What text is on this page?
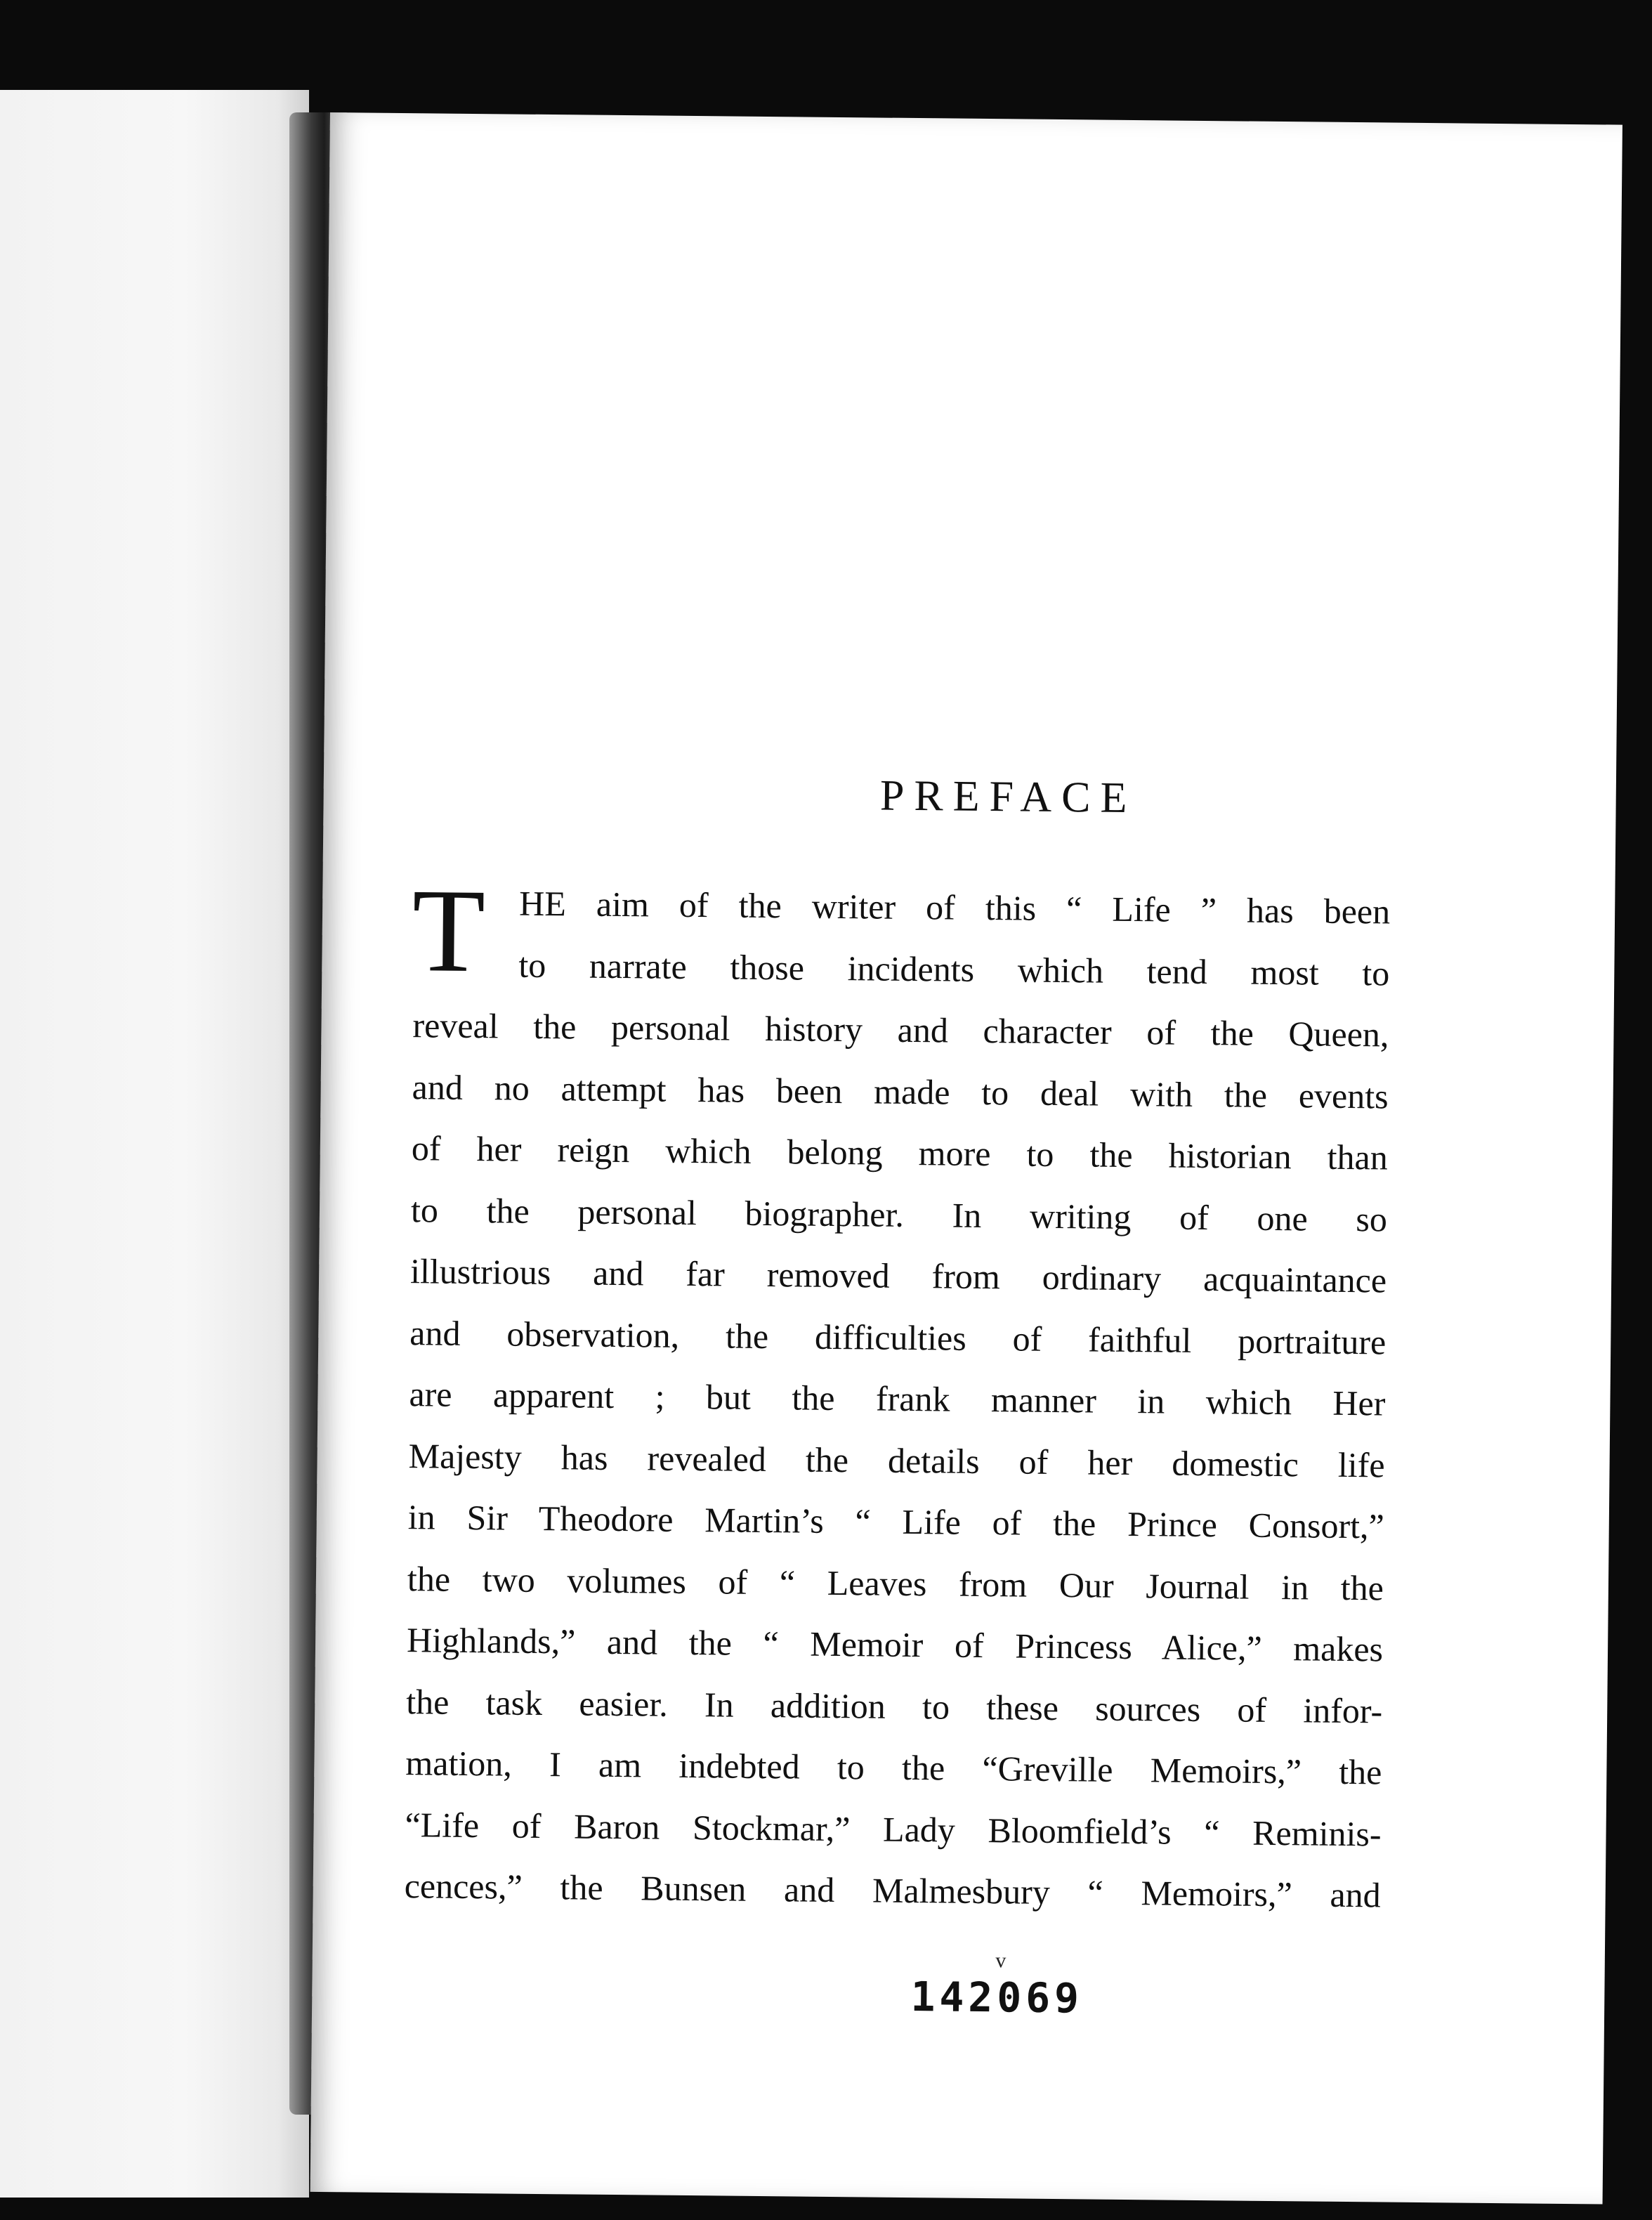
PREFACE
T HE aim of the writer of this “ Life ” has been
to narrate those incidents which tend most to
reveal the personal history and character of the Queen,
and no attempt has been made to deal with the events
of her reign which belong more to the historian than
to the personal biographer. In writing of one so
illustrious and far removed from ordinary acquaintance
and observation, the difficulties of faithful portraiture
are apparent ; but the frank manner in which Her
Majesty has revealed the details of her domestic life
in Sir Theodore Martin’s “ Life of the Prince Consort,”
the two volumes of “ Leaves from Our Journal in the
Highlands,” and the “ Memoir of Princess Alice,” makes
the task easier. In addition to these sources of infor-
mation, I am indebted to the “Greville Memoirs,” the
“Life of Baron Stockmar,” Lady Bloomfield’s “ Reminis-
cences,” the Bunsen and Malmesbury “ Memoirs,” and
v
142069
